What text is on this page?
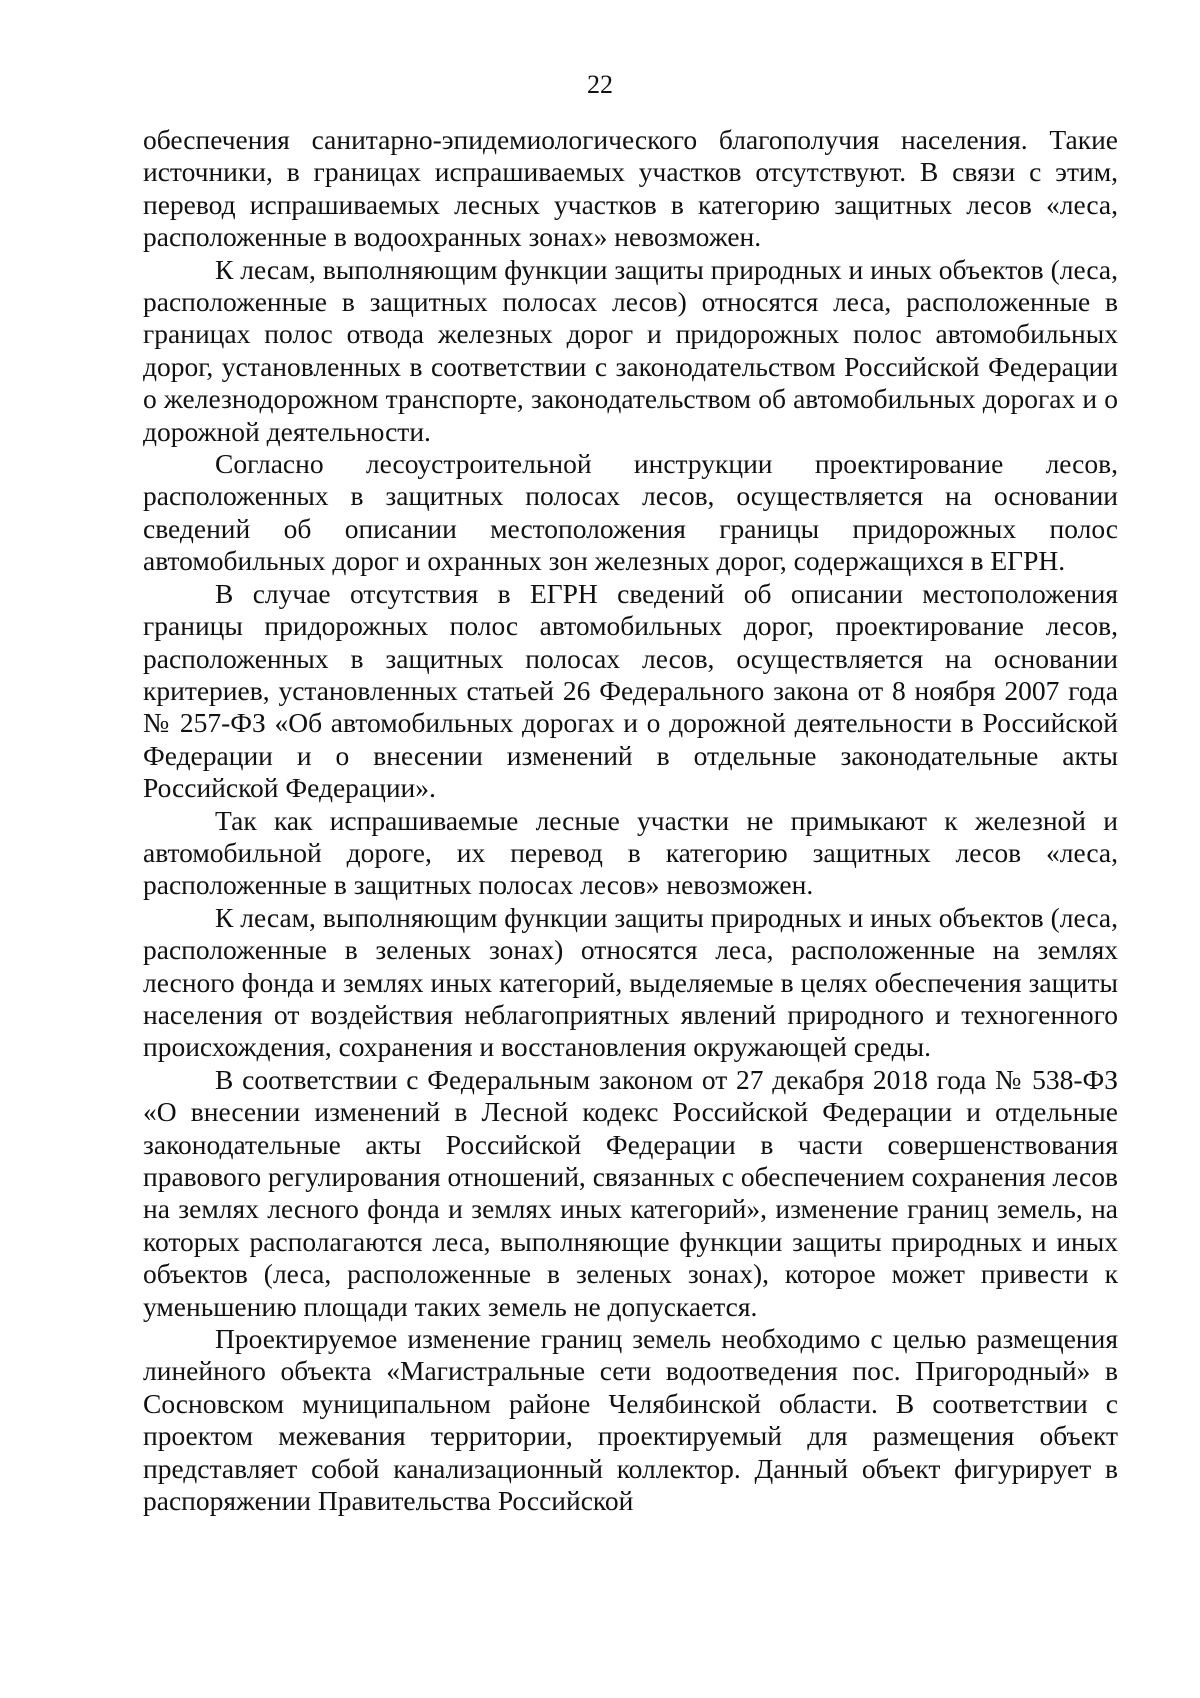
22

обеспечения санитарно-эпидемиологического благополучия населения. Такие источники, в границах испрашиваемых участков отсутствуют. В связи с этим, перевод испрашиваемых лесных участков в категорию защитных лесов «леса, расположенные в водоохранных зонах» невозможен.

К лесам, выполняющим функции защиты природных и иных объектов (леса, расположенные в защитных полосах лесов) относятся леса, расположенные в границах полос отвода железных дорог и придорожных полос автомобильных дорог, установленных в соответствии с законодательством Российской Федерации о железнодорожном транспорте, законодательством об автомобильных дорогах и о дорожной деятельности.

Согласно лесоустроительной инструкции проектирование лесов, расположенных в защитных полосах лесов, осуществляется на основании сведений об описании местоположения границы придорожных полос автомобильных дорог и охранных зон железных дорог, содержащихся в ЕГРН.

В случае отсутствия в ЕГРН сведений об описании местоположения границы придорожных полос автомобильных дорог, проектирование лесов, расположенных в защитных полосах лесов, осуществляется на основании критериев, установленных статьей 26 Федерального закона от 8 ноября 2007 года № 257-ФЗ «Об автомобильных дорогах и о дорожной деятельности в Российской Федерации и о внесении изменений в отдельные законодательные акты Российской Федерации».

Так как испрашиваемые лесные участки не примыкают к железной и автомобильной дороге, их перевод в категорию защитных лесов «леса, расположенные в защитных полосах лесов» невозможен.

К лесам, выполняющим функции защиты природных и иных объектов (леса, расположенные в зеленых зонах) относятся леса, расположенные на землях лесного фонда и землях иных категорий, выделяемые в целях обеспечения защиты населения от воздействия неблагоприятных явлений природного и техногенного происхождения, сохранения и восстановления окружающей среды.

В соответствии с Федеральным законом от 27 декабря 2018 года № 538-ФЗ «О внесении изменений в Лесной кодекс Российской Федерации и отдельные законодательные акты Российской Федерации в части совершенствования правового регулирования отношений, связанных с обеспечением сохранения лесов на землях лесного фонда и землях иных категорий», изменение границ земель, на которых располагаются леса, выполняющие функции защиты природных и иных объектов (леса, расположенные в зеленых зонах), которое может привести к уменьшению площади таких земель не допускается.

Проектируемое изменение границ земель необходимо с целью размещения линейного объекта «Магистральные сети водоотведения пос. Пригородный» в Сосновском муниципальном районе Челябинской области. В соответствии с проектом межевания территории, проектируемый для размещения объект представляет собой канализационный коллектор. Данный объект фигурирует в распоряжении Правительства Российской
